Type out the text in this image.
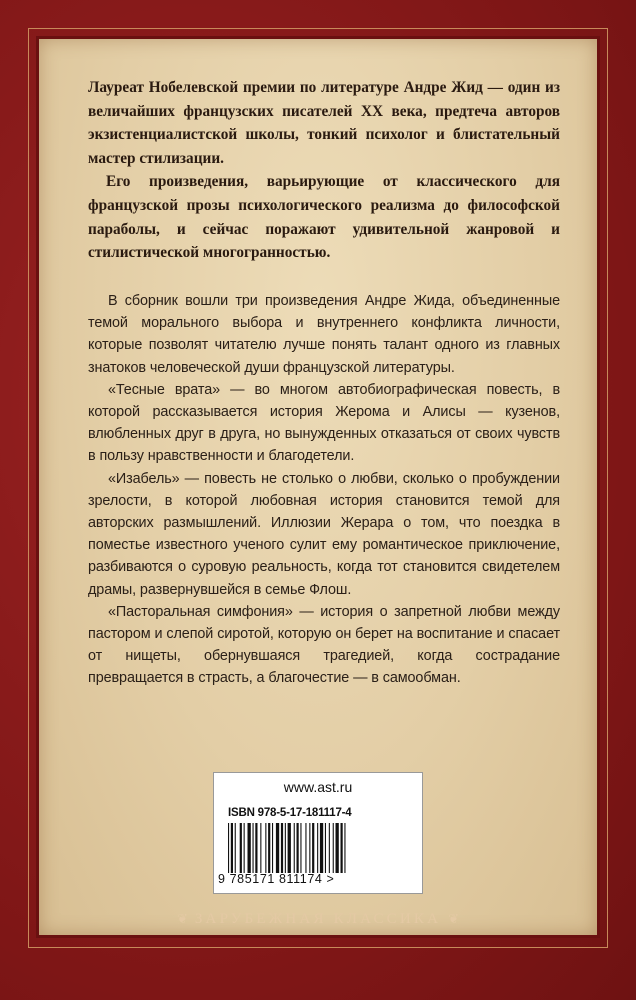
Лауреат Нобелевской премии по литературе Андре Жид — один из величайших французских писателей XX века, предтеча авторов экзистенциалистской школы, тонкий психолог и блистательный мастер стилизации.

Его произведения, варьирующие от классического для французской прозы психологического реализма до философской параболы, и сейчас поражают удивительной жанровой и стилистической многогранностью.

В сборник вошли три произведения Андре Жида, объединенные темой морального выбора и внутреннего конфликта личности, которые позволят читателю лучше понять талант одного из главных знатоков человеческой души французской литературы.

«Тесные врата» — во многом автобиографическая повесть, в которой рассказывается история Жерома и Алисы — кузенов, влюбленных друг в друга, но вынужденных отказаться от своих чувств в пользу нравственности и благодетели.

«Изабель» — повесть не столько о любви, сколько о пробуждении зрелости, в которой любовная история становится темой для авторских размышлений. Иллюзии Жерара о том, что поездка в поместье известного ученого сулит ему романтическое приключение, разбиваются о суровую реальность, когда тот становится свидетелем драмы, развернувшейся в семье Флош.

«Пасторальная симфония» — история о запретной любви между пастором и слепой сиротой, которую он берет на воспитание и спасает от нищеты, обернувшаяся трагедией, когда сострадание превращается в страсть, а благочестие — в самообман.

www.ast.ru
ISBN 978-5-17-181117-4
9 785171 811174 >
❦ ЗАРУБЕЖНАЯ КЛАССИКА ❦
